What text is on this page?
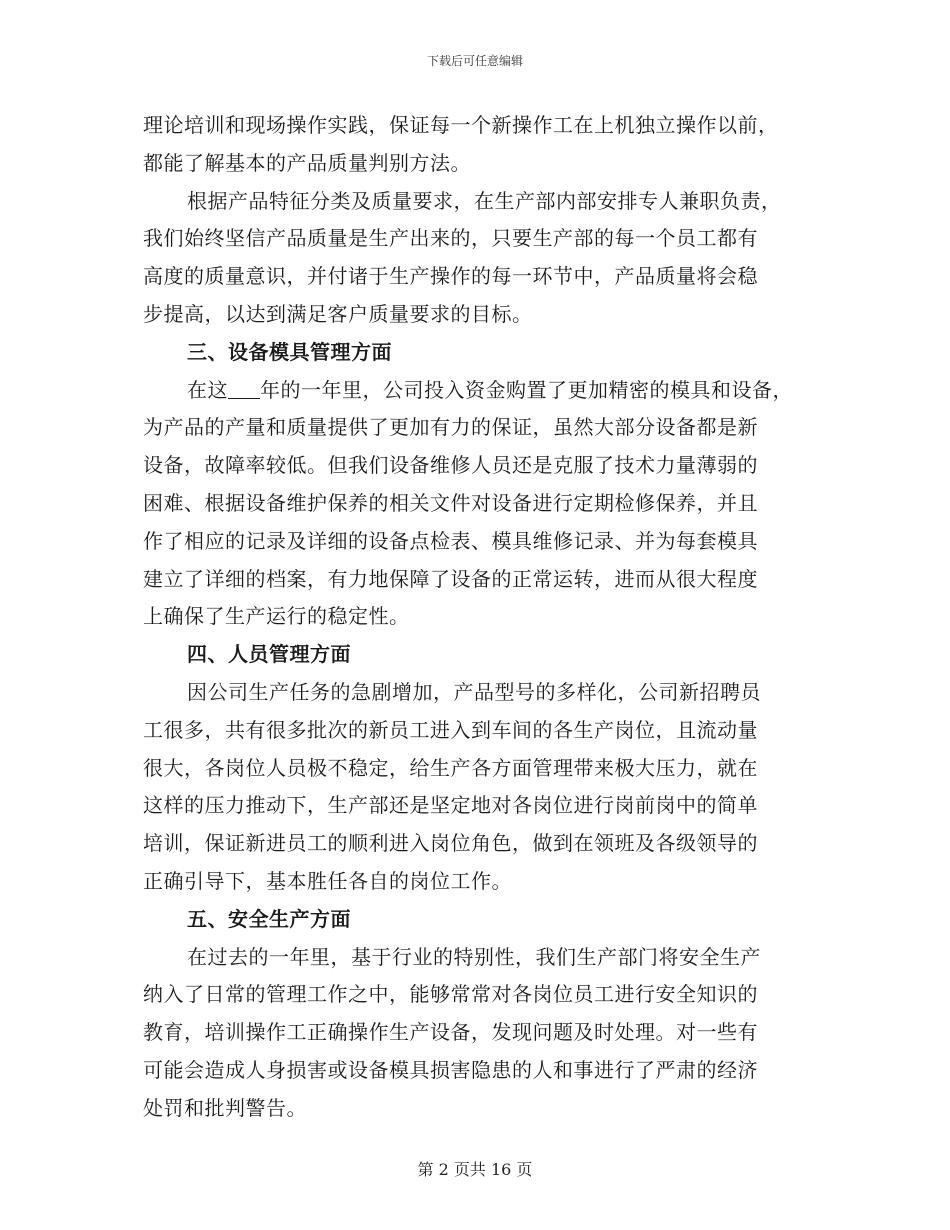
下载后可任意编辑
理论培训和现场操作实践，保证每一个新操作工在上机独立操作以前，
都能了解基本的产品质量判别方法。
根据产品特征分类及质量要求，在生产部内部安排专人兼职负责，
我们始终坚信产品质量是生产出来的，只要生产部的每一个员工都有
高度的质量意识，并付诸于生产操作的每一环节中，产品质量将会稳
步提高，以达到满足客户质量要求的目标。
三、设备模具管理方面
在这 年的一年里，公司投入资金购置了更加精密的模具和设备，
为产品的产量和质量提供了更加有力的保证，虽然大部分设备都是新
设备，故障率较低。但我们设备维修人员还是克服了技术力量薄弱的
困难、根据设备维护保养的相关文件对设备进行定期检修保养，并且
作了相应的记录及详细的设备点检表、模具维修记录、并为每套模具
建立了详细的档案，有力地保障了设备的正常运转，进而从很大程度
上确保了生产运行的稳定性。
四、人员管理方面
因公司生产任务的急剧增加，产品型号的多样化，公司新招聘员
工很多，共有很多批次的新员工进入到车间的各生产岗位，且流动量
很大，各岗位人员极不稳定，给生产各方面管理带来极大压力，就在
这样的压力推动下，生产部还是坚定地对各岗位进行岗前岗中的简单
培训，保证新进员工的顺利进入岗位角色，做到在领班及各级领导的
正确引导下，基本胜任各自的岗位工作。
五、安全生产方面
在过去的一年里，基于行业的特别性，我们生产部门将安全生产
纳入了日常的管理工作之中，能够常常对各岗位员工进行安全知识的
教育，培训操作工正确操作生产设备，发现问题及时处理。对一些有
可能会造成人身损害或设备模具损害隐患的人和事进行了严肃的经济
处罚和批判警告。
第 2 页共 16 页
